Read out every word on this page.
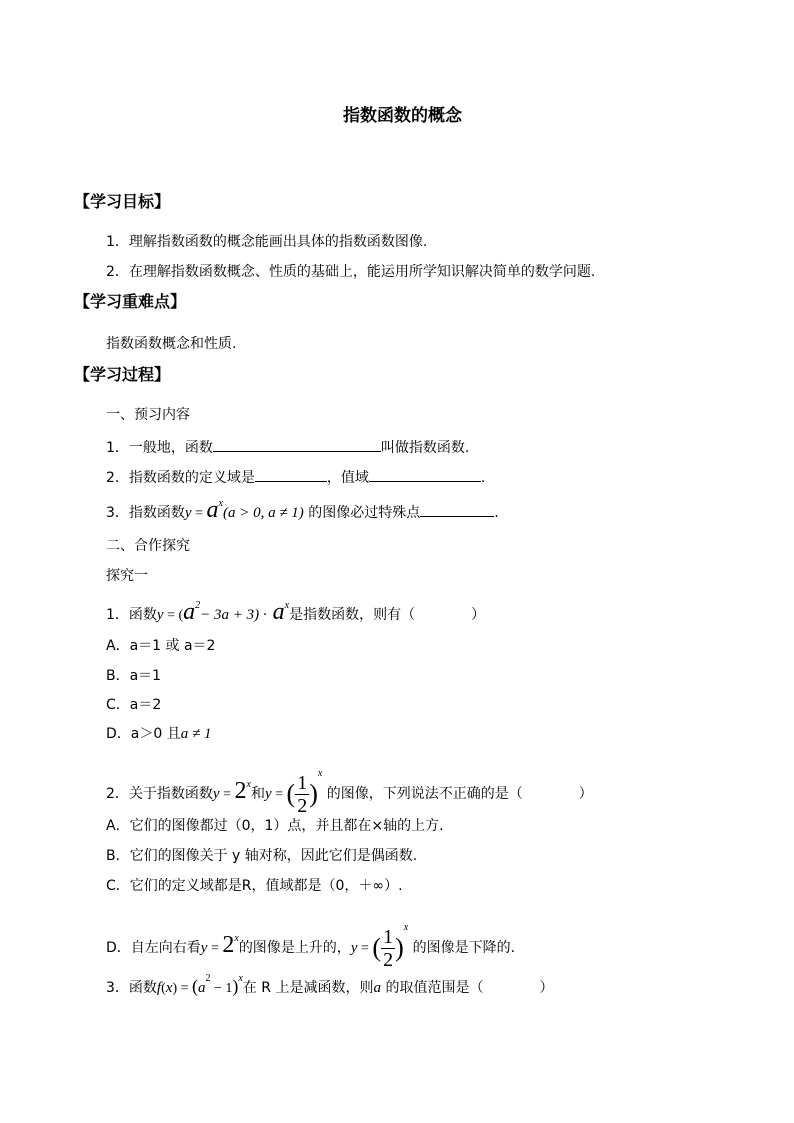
指数函数的概念
【学习目标】
1．理解指数函数的概念能画出具体的指数函数图像.
2．在理解指数函数概念、性质的基础上，能运用所学知识解决简单的数学问题.
【学习重难点】
指数函数概念和性质.
【学习过程】
一、预习内容
1．一般地，函数	叫做指数函数.
2．指数函数的定义域是	，值域	.
3．指数函数$y = a^x(a > 0$, a ≠ 1) 的图像必过特殊点	.
二、合作探究
探究一
1．函数$y = (a^2- 3a + 3) \cdot a^x$是指数函数，则有（　　　　）
A．a＝1 或 a＝2
B．a＝1
C．a＝2
D．a＞0 且a ≠ 1
2．关于指数函数$y = 2^x$和y = ( $\frac{1}{2} )^x$ 的图像，下列说法不正确的是（　　　　）
A．它们的图像都过（0，1）点，并且都在×轴的上方.
B．它们的图像关于 y 轴对称，因此它们是偶函数.
C．它们的定义域都是R，值域都是（0，＋∞）.
D．自左向右看$y = 2^x$的图像是上升的，y = ( $\frac{1}{2} )^x$ 的图像是下降的.
3．函数$f(x) = (a^2 - 1)^x$在 R 上是减函数，则a 的取值范围是（　　　　）
